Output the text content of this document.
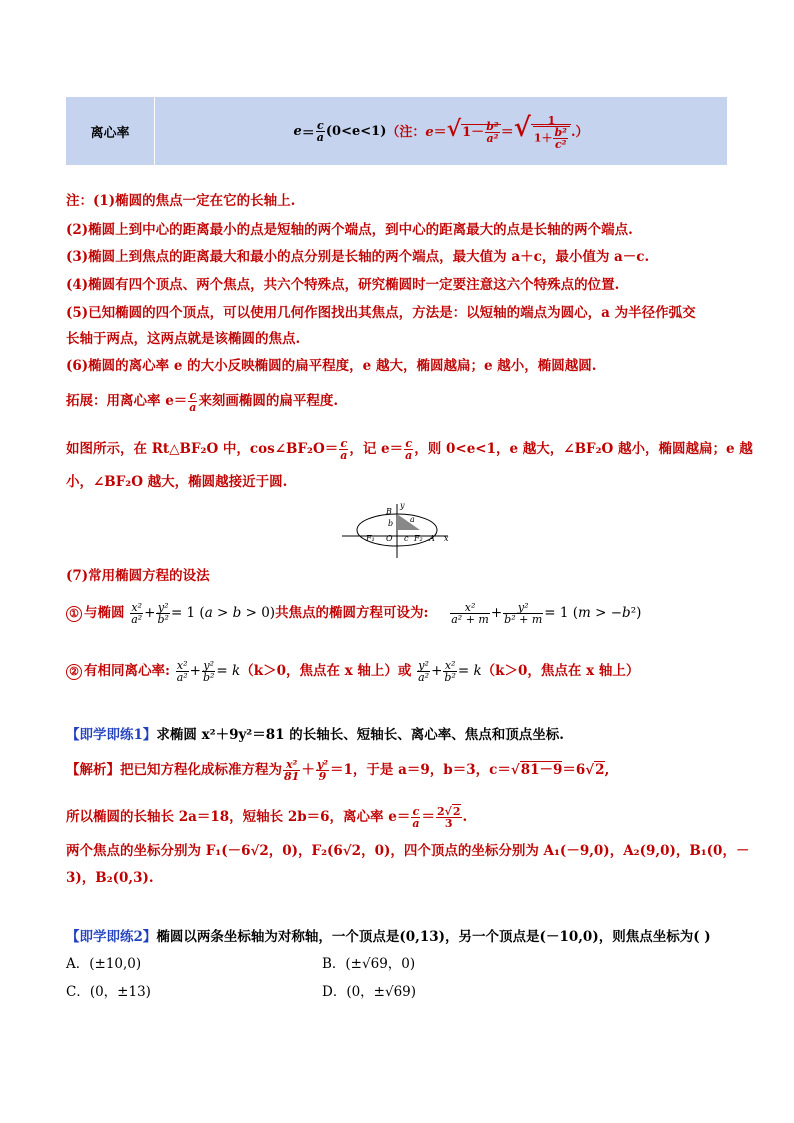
离心率	$e = \frac{c}{a} (0<e<1)$ （注：$e=√1- \frac{\text{b²}}{\text{a²}}$ ＝√ $\frac{1}{1+ \frac{\text{b²}}{\text{c²}}}$ .）
注：(1)椭圆的焦点一定在它的长轴上.
(2)椭圆上到中心的距离最小的点是短轴的两个端点，到中心的距离最大的点是长轴的两个端点.
(3)椭圆上到焦点的距离最大和最小的点分别是长轴的两个端点，最大值为 a＋c，最小值为 a－c.
(4)椭圆有四个顶点、两个焦点，共六个特殊点，研究椭圆时一定要注意这六个特殊点的位置.
(5)已知椭圆的四个顶点，可以使用几何作图找出其焦点，方法是：以短轴的端点为圆心，a 为半径作弧交
长轴于两点，这两点就是该椭圆的焦点.
(6)椭圆的离心率 e 的大小反映椭圆的扁平程度，e 越大，椭圆越扁；e 越小，椭圆越圆.
拓展：用离心率 $e= \frac{c}{a}$ 来刻画椭圆的扁平程度.
如图所示，在 Rt△BF₂O 中，cos∠BF₂O＝ $\frac{c}{a}$ ，记 $e= \frac{c}{a}$ ，则 0<e<1，e 越大，∠BF₂O 越小，椭圆越扁；e 越
小，∠BF₂O 越大，椭圆越接近于圆.
B
y
b a
F₁ O c F₂ A x
(7)常用椭圆方程的设法
① 与椭圆 $\frac{\text{x²}}{\text{a²}} + \frac{\text{y²}}{\text{b²}} = 1$ (a > b > 0)共焦点的椭圆方程可设为: $\frac{\text{x²}}{\text{a² + m}} + \frac{\text{y²}}{\text{b² + m}} = 1$ (m > −b²)
② 有相同离心率: $\frac{\text{x²}}{\text{a²}} + \frac{\text{y²}}{\text{b²}} = k(k>0$，焦点在 x 轴上）或 $\frac{\text{y²}}{\text{a²}} + \frac{\text{x²}}{\text{b²}} = k(k>0$，焦点在 x 轴上）
【即学即练1】求椭圆 x²＋9y²＝81 的长轴长、短轴长、离心率、焦点和顶点坐标.
【解析】把已知方程化成标准方程为 $\frac{\text{x²}}{81} + \frac{\text{y²}}{9} =1$，于是 a＝9，b＝3，c＝√81－9＝6√2,
所以椭圆的长轴长 2a＝18，短轴长 2b＝6，离心率 $e= \frac{c}{a} = \frac{2√2}{3}$ .
两个焦点的坐标分别为 F₁(－6√2，0)，F₂(6√2，0)，四个顶点的坐标分别为 A₁(－9,0)，A₂(9,0)，B₁(0，－
3)，B₂(0,3).
【即学即练2】椭圆以两条坐标轴为对称轴，一个顶点是(0,13)，另一个顶点是(－10,0)，则焦点坐标为( )
A．(±10,0)	B．(±√69，0)
C．(0，±13)	D．(0，±√69)
